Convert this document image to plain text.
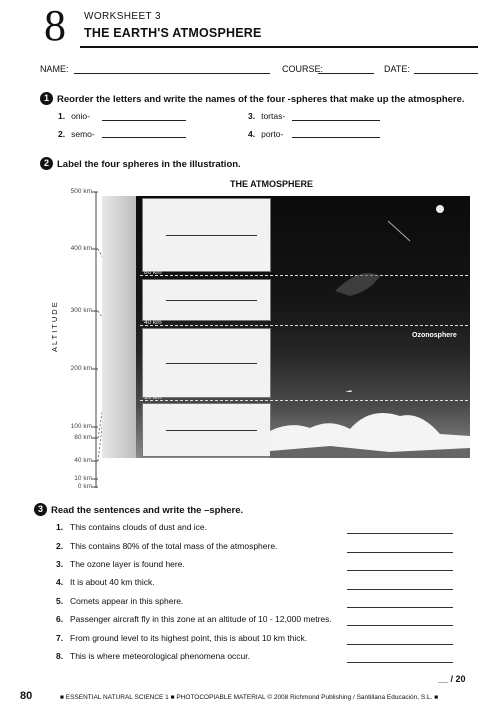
8 WORKSHEET 3
THE EARTH'S ATMOSPHERE
NAME:	COURSE:	DATE:
1 Reorder the letters and write the names of the four -spheres that make up the atmosphere.
1. onio-
2. semo-
3. tortas-
4. porto-
2 Label the four spheres in the illustration.
THE ATMOSPHERE
ALTITUDE
500 km
400 km
300 km
200 km
100 km
80 km
40 km
10 km
0 km
80 km
40 km
10 km
Ozonosphere
3 Read the sentences and write the –sphere.
1. This contains clouds of dust and ice.
2. This contains 80% of the total mass of the atmosphere.
3. The ozone layer is found here.
4. It is about 40 km thick.
5. Comets appear in this sphere.
6. Passenger aircraft fly in this zone at an altitude of 10 - 12,000 metres.
7. From ground level to its highest point, this is about 10 km thick.
8. This is where meteorological phenomena occur.
__ / 20
80	■ ESSENTIAL NATURAL SCIENCE 1 ■ PHOTOCOPIABLE MATERIAL © 2008 Richmond Publishing / Santillana Educación, S.L. ■
